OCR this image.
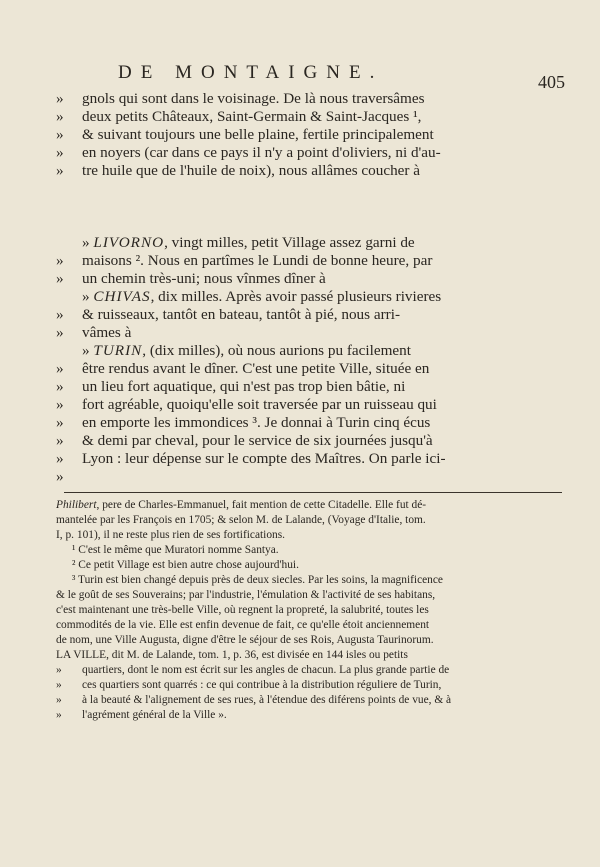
DE MONTAIGNE.	405
»	gnols qui sont dans le voisinage. De là nous traversâmes
»	deux petits Châteaux, Saint-Germain & Saint-Jacques ¹,
»	& suivant toujours une belle plaine, fertile principalement
»	en noyers (car dans ce pays il n'y a point d'oliviers, ni d'au-
»	tre huile que de l'huile de noix), nous allâmes coucher à
» LIVORNO, vingt milles, petit Village assez garni de
»	maisons ². Nous en partîmes le Lundi de bonne heure, par
»	un chemin très-uni; nous vînmes dîner à
» CHIVAS, dix milles. Après avoir passé plusieurs rivieres
»	& ruisseaux, tantôt en bateau, tantôt à pié, nous arri-
»	vâmes à
» TURIN, (dix milles), où nous aurions pu facilement
»	être rendus avant le dîner. C'est une petite Ville, située en
»	un lieu fort aquatique, qui n'est pas trop bien bâtie, ni
»	fort agréable, quoiqu'elle soit traversée par un ruisseau qui
»	en emporte les immondices ³. Je donnai à Turin cinq écus
»	& demi par cheval, pour le service de six journées jusqu'à
»	Lyon : leur dépense sur le compte des Maîtres. On parle ici-
»
Philibert, pere de Charles-Emmanuel, fait mention de cette Citadelle. Elle fut dé-
mantelée par les François en 1705; & selon M. de Lalande, (Voyage d'Italie, tom.
I, p. 101), il ne reste plus rien de ses fortifications.
¹ C'est le même que Muratori nomme Santya.
² Ce petit Village est bien autre chose aujourd'hui.
³ Turin est bien changé depuis près de deux siecles. Par les soins, la magnificence
& le goût de ses Souverains; par l'industrie, l'émulation & l'activité de ses habitans,
c'est maintenant une très-belle Ville, où regnent la propreté, la salubrité, toutes les
commodités de la vie. Elle est enfin devenue de fait, ce qu'elle étoit anciennement
de nom, une Ville Augusta, digne d'être le séjour de ses Rois, Augusta Taurinorum.
LA VILLE, dit M. de Lalande, tom. 1, p. 36, est divisée en 144 isles ou petits
»	quartiers, dont le nom est écrit sur les angles de chacun. La plus grande partie de
»	ces quartiers sont quarrés : ce qui contribue à la distribution réguliere de Turin,
»	à la beauté & l'alignement de ses rues, à l'étendue des diférens points de vue, & à
»	l'agrément général de la Ville ».
